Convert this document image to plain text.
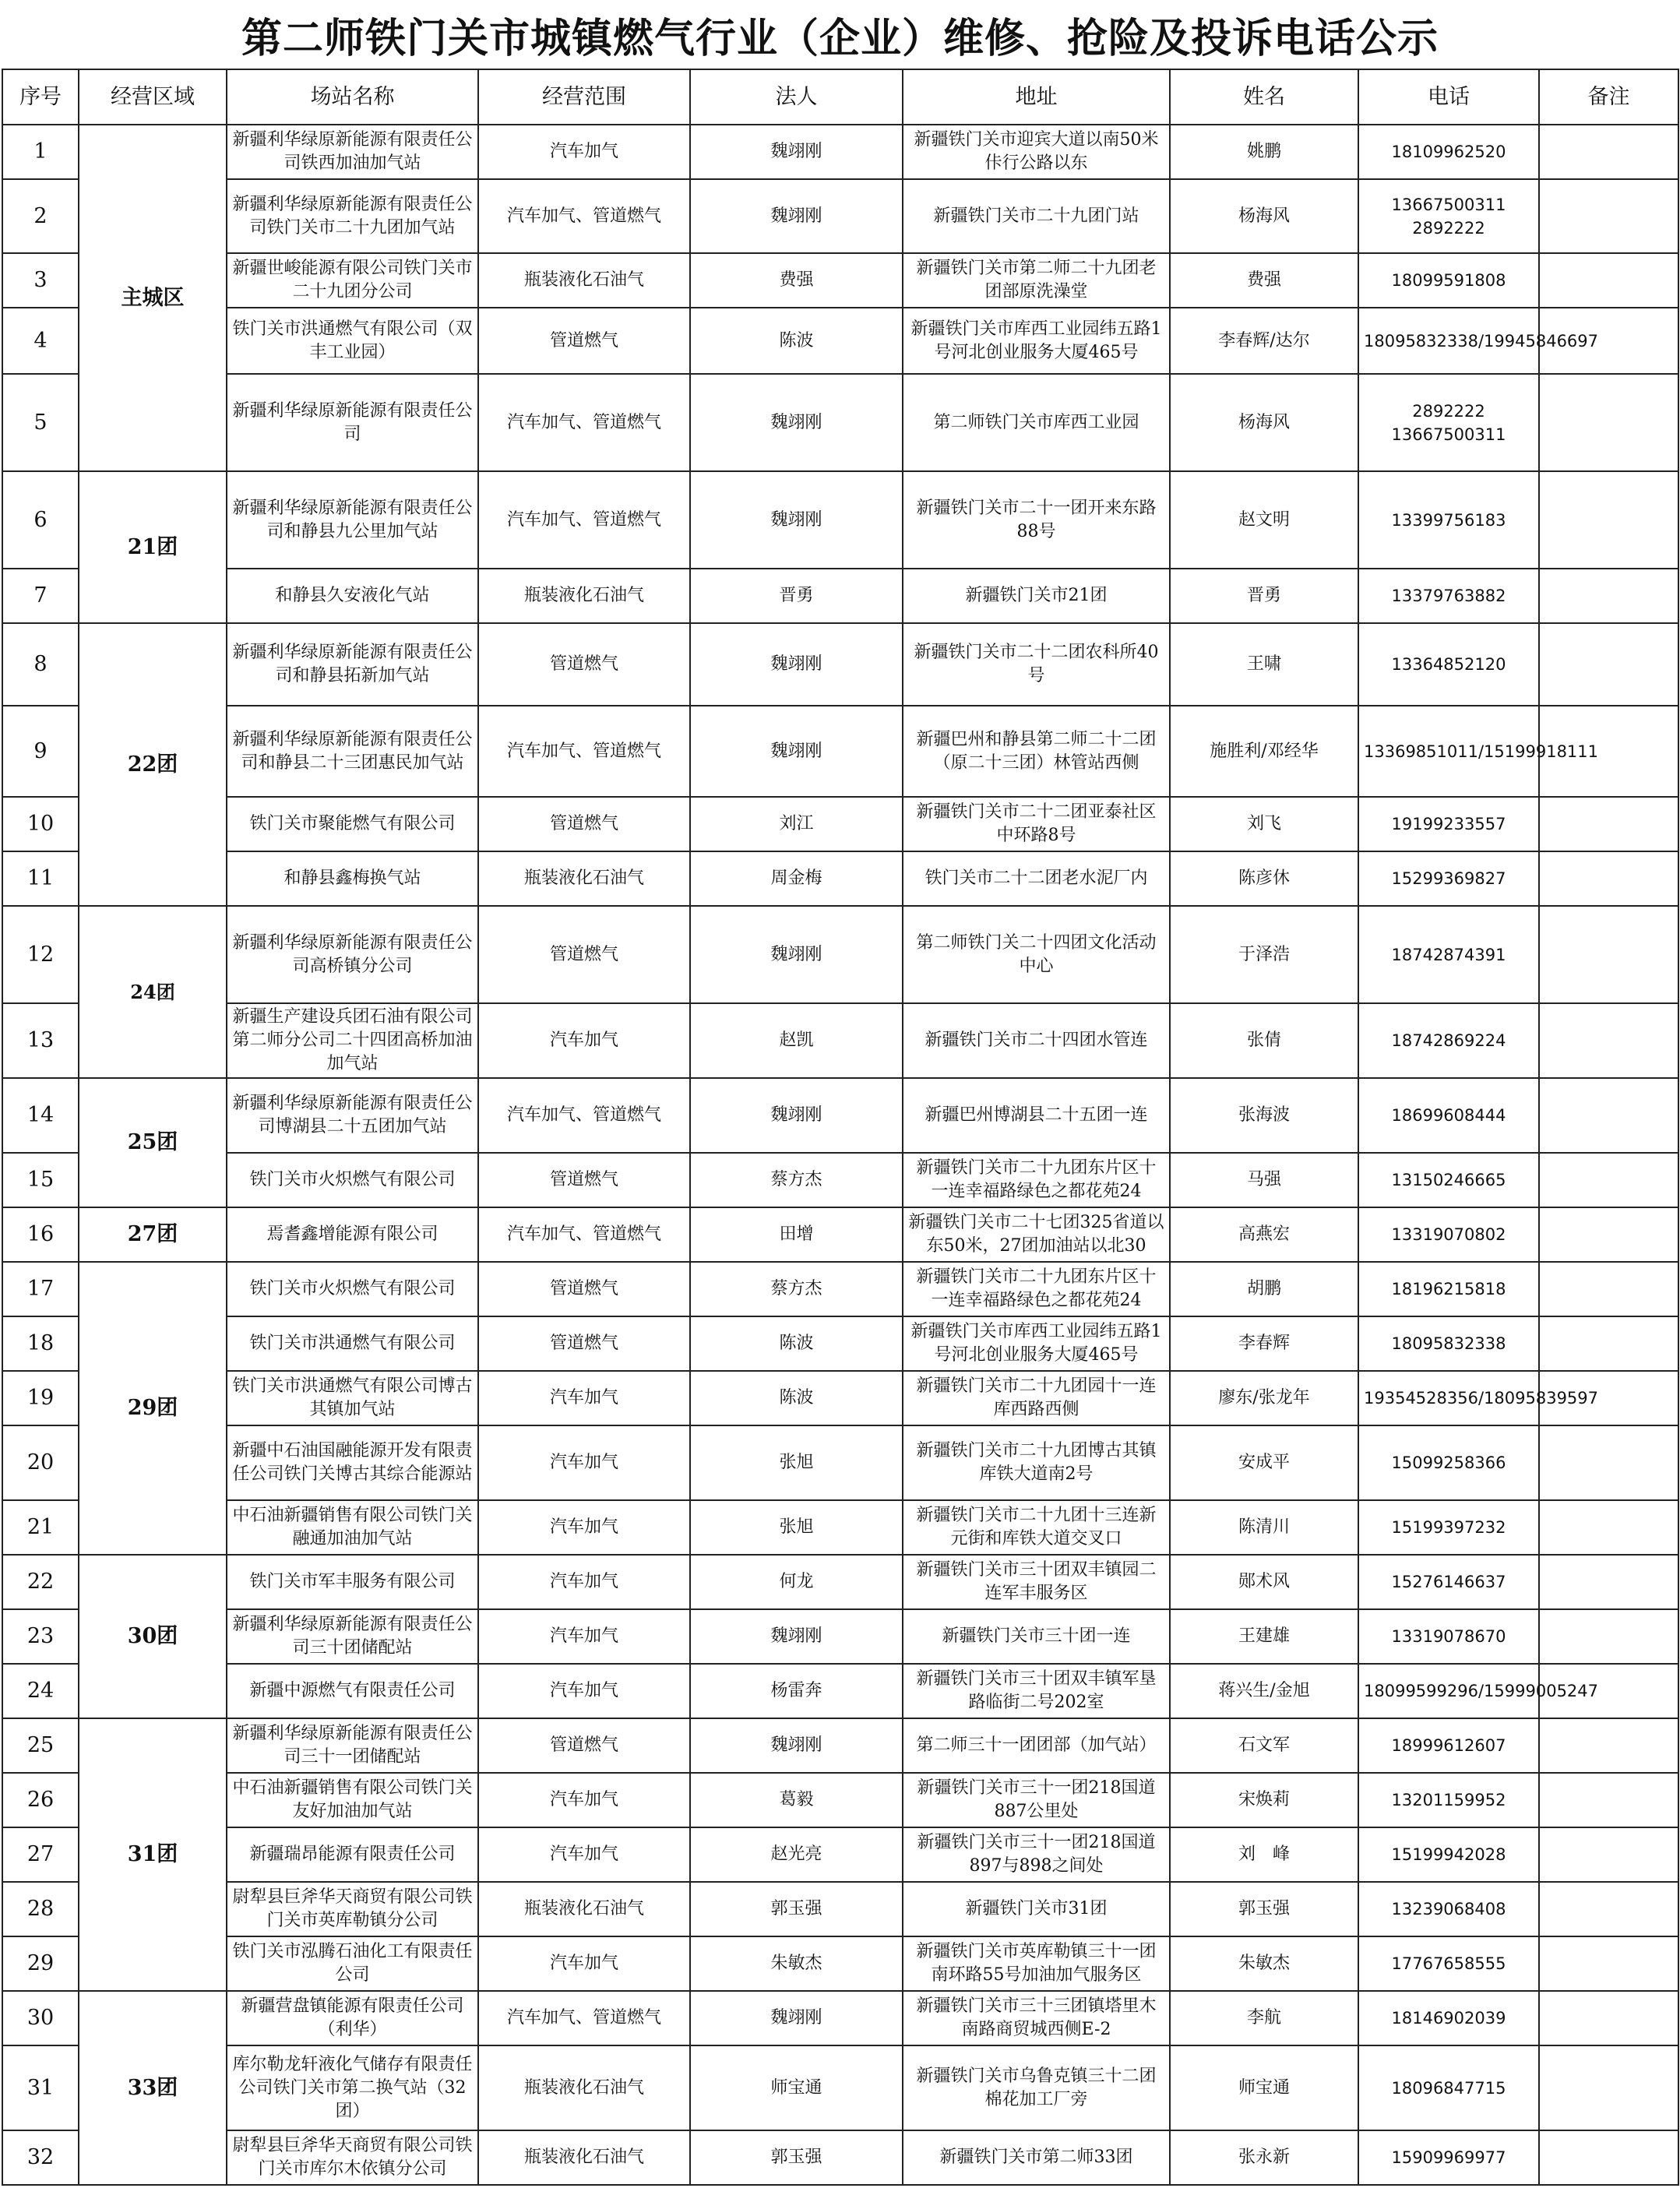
第二师铁门关市城镇燃气行业（企业）维修、抢险及投诉电话公示
序号	经营区域	场站名称	经营范围	法人	地址	姓名	电话	备注

1	主城区	新疆利华绿原新能源有限责任公司铁西加油加气站	汽车加气	魏翊刚	新疆铁门关市迎宾大道以南50米佧行公路以东	姚鹏	18109962520	

2		新疆利华绿原新能源有限责任公司铁门关市二十九团加气站	汽车加气、管道燃气	魏翊刚	新疆铁门关市二十九团门站	杨海风	13667500311
2892222	

3		新疆世峻能源有限公司铁门关市二十九团分公司	瓶装液化石油气	费强	新疆铁门关市第二师二十九团老团部原洗澡堂	费强	18099591808	

4		铁门关市洪通燃气有限公司（双丰工业园）	管道燃气	陈波	新疆铁门关市库西工业园纬五路1号河北创业服务大厦465号	李春辉/达尔	18095832338/19945846697	

5		新疆利华绿原新能源有限责任公司	汽车加气、管道燃气	魏翊刚	第二师铁门关市库西工业园	杨海风	2892222
13667500311	

6	21团	新疆利华绿原新能源有限责任公司和静县九公里加气站	汽车加气、管道燃气	魏翊刚	新疆铁门关市二十一团开来东路88号	赵文明	13399756183	

7		和静县久安液化气站	瓶装液化石油气	晋勇	新疆铁门关市21团	晋勇	13379763882	

8	22团	新疆利华绿原新能源有限责任公司和静县拓新加气站	管道燃气	魏翊刚	新疆铁门关市二十二团农科所40号	王啸	13364852120	

9		新疆利华绿原新能源有限责任公司和静县二十三团惠民加气站	汽车加气、管道燃气	魏翊刚	新疆巴州和静县第二师二十二团（原二十三团）林管站西侧	施胜利/邓经华	13369851011/15199918111	

10		铁门关市聚能燃气有限公司	管道燃气	刘江	新疆铁门关市二十二团亚泰社区中环路8号	刘飞	19199233557	

11		和静县鑫梅换气站	瓶装液化石油气	周金梅	铁门关市二十二团老水泥厂内	陈彦休	15299369827	

12	24团	新疆利华绿原新能源有限责任公司高桥镇分公司	管道燃气	魏翊刚	第二师铁门关二十四团文化活动中心	于泽浩	18742874391	

13		新疆生产建设兵团石油有限公司第二师分公司二十四团高桥加油加气站	汽车加气	赵凯	新疆铁门关市二十四团水管连	张倩	18742869224	

14	25团	新疆利华绿原新能源有限责任公司博湖县二十五团加气站	汽车加气、管道燃气	魏翊刚	新疆巴州博湖县二十五团一连	张海波	18699608444	

15		铁门关市火炽燃气有限公司	管道燃气	蔡方杰	新疆铁门关市二十九团东片区十一连幸福路绿色之都花苑24	马强	13150246665	

16	27团	焉耆鑫增能源有限公司	汽车加气、管道燃气	田增	新疆铁门关市二十七团325省道以东50米，27团加油站以北30	高燕宏	13319070802	

17	29团	铁门关市火炽燃气有限公司	管道燃气	蔡方杰	新疆铁门关市二十九团东片区十一连幸福路绿色之都花苑24	胡鹏	18196215818	

18		铁门关市洪通燃气有限公司	管道燃气	陈波	新疆铁门关市库西工业园纬五路1号河北创业服务大厦465号	李春辉	18095832338	

19		铁门关市洪通燃气有限公司博古其镇加气站	汽车加气	陈波	新疆铁门关市二十九团园十一连库西路西侧	廖东/张龙年	19354528356/18095839597	

20		新疆中石油国融能源开发有限责任公司铁门关博古其综合能源站	汽车加气	张旭	新疆铁门关市二十九团博古其镇库铁大道南2号	安成平	15099258366	

21		中石油新疆销售有限公司铁门关融通加油加气站	汽车加气	张旭	新疆铁门关市二十九团十三连新元街和库铁大道交叉口	陈清川	15199397232	

22	30团	铁门关市军丰服务有限公司	汽车加气	何龙	新疆铁门关市三十团双丰镇园二连军丰服务区	郧术风	15276146637	

23		新疆利华绿原新能源有限责任公司三十团储配站	汽车加气	魏翊刚	新疆铁门关市三十团一连	王建雄	13319078670	

24		新疆中源燃气有限责任公司	汽车加气	杨雷奔	新疆铁门关市三十团双丰镇军垦路临街二号202室	蒋兴生/金旭	18099599296/15999005247	

25	31团	新疆利华绿原新能源有限责任公司三十一团储配站	管道燃气	魏翊刚	第二师三十一团团部（加气站）	石文军	18999612607	

26		中石油新疆销售有限公司铁门关友好加油加气站	汽车加气	葛毅	新疆铁门关市三十一团218国道887公里处	宋焕莉	13201159952	

27		新疆瑞昂能源有限责任公司	汽车加气	赵光亮	新疆铁门关市三十一团218国道897与898之间处	刘　峰	15199942028	

28		尉犁县巨斧华天商贸有限公司铁门关市英库勒镇分公司	瓶装液化石油气	郭玉强	新疆铁门关市31团	郭玉强	13239068408	

29		铁门关市泓腾石油化工有限责任公司	汽车加气	朱敏杰	新疆铁门关市英库勒镇三十一团南环路55号加油加气服务区	朱敏杰	17767658555	

30	33团	新疆营盘镇能源有限责任公司（利华）	汽车加气、管道燃气	魏翊刚	新疆铁门关市三十三团镇塔里木南路商贸城西侧E-2	李航	18146902039	

31		库尔勒龙轩液化气储存有限责任公司铁门关市第二换气站（32团）	瓶装液化石油气	师宝通	新疆铁门关市乌鲁克镇三十二团棉花加工厂旁	师宝通	18096847715	

32		尉犁县巨斧华天商贸有限公司铁门关市库尔木依镇分公司	瓶装液化石油气	郭玉强	新疆铁门关市第二师33团	张永新	15909969977	
